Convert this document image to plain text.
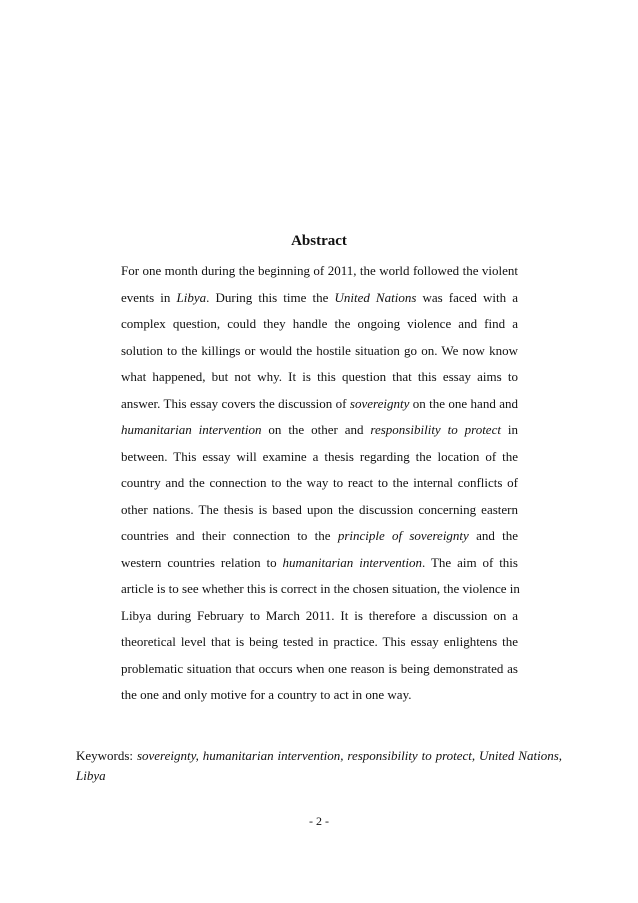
Abstract
For one month during the beginning of 2011, the world followed the violent
events in Libya. During this time the United Nations was faced with a
complex question, could they handle the ongoing violence and find a
solution to the killings or would the hostile situation go on. We now know
what happened, but not why. It is this question that this essay aims to
answer. This essay covers the discussion of sovereignty on the one hand and
humanitarian intervention on the other and responsibility to protect in
between. This essay will examine a thesis regarding the location of the
country and the connection to the way to react to the internal conflicts of
other nations. The thesis is based upon the discussion concerning eastern
countries and their connection to the principle of sovereignty and the
western countries relation to humanitarian intervention. The aim of this
article is to see whether this is correct in the chosen situation, the violence in
Libya during February to March 2011. It is therefore a discussion on a
theoretical level that is being tested in practice. This essay enlightens the
problematic situation that occurs when one reason is being demonstrated as
the one and only motive for a country to act in one way.
Keywords: sovereignty, humanitarian intervention, responsibility to protect, United Nations,
Libya
- 2 -
